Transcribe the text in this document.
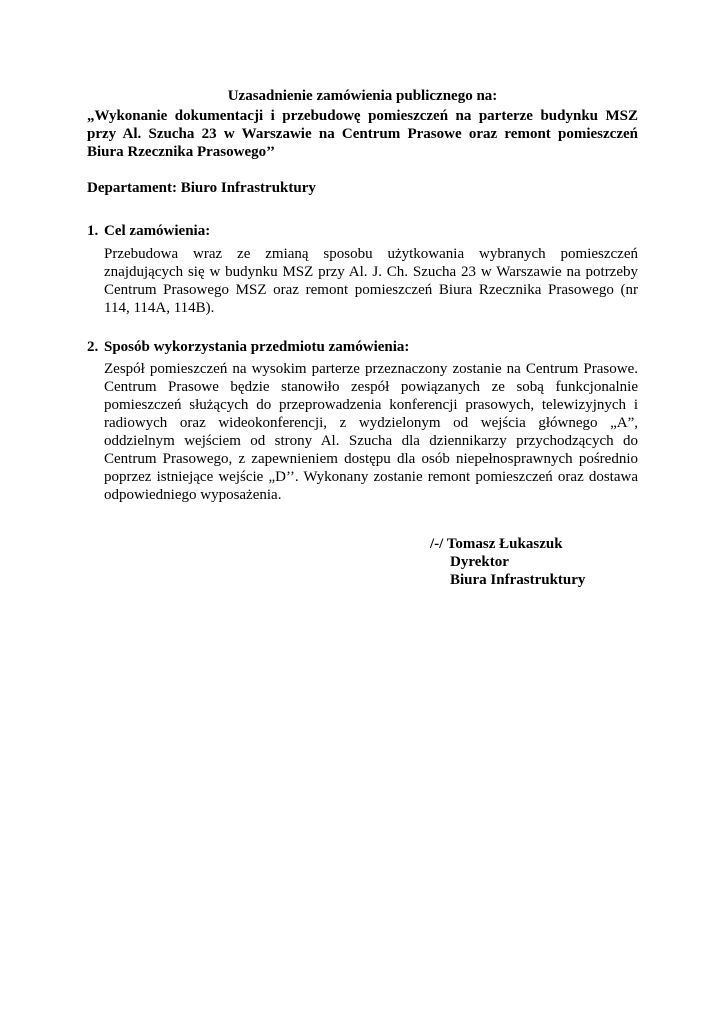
Uzasadnienie zamówienia publicznego na:
„Wykonanie dokumentacji i przebudowę pomieszczeń na parterze budynku MSZ przy Al. Szucha 23 w Warszawie na Centrum Prasowe oraz remont pomieszczeń Biura Rzecznika Prasowego’’
Departament: Biuro Infrastruktury
1. Cel zamówienia:
Przebudowa wraz ze zmianą sposobu użytkowania wybranych pomieszczeń znajdujących się w budynku MSZ przy Al. J. Ch. Szucha 23 w Warszawie na potrzeby Centrum Prasowego MSZ oraz remont pomieszczeń Biura Rzecznika Prasowego (nr 114, 114A, 114B).
2. Sposób wykorzystania przedmiotu zamówienia:
Zespół pomieszczeń na wysokim parterze przeznaczony zostanie na Centrum Prasowe. Centrum Prasowe będzie stanowiło zespół powiązanych ze sobą funkcjonalnie pomieszczeń służących do przeprowadzenia konferencji prasowych, telewizyjnych i radiowych oraz wideokonferencji, z wydzielonym od wejścia głównego „A”, oddzielnym wejściem od strony Al. Szucha dla dziennikarzy przychodzących do Centrum Prasowego, z zapewnieniem dostępu dla osób niepełnosprawnych pośrednio poprzez istniejące wejście „D’’. Wykonany zostanie remont pomieszczeń oraz dostawa odpowiedniego wyposażenia.
/-/ Tomasz Łukaszuk
Dyrektor
Biura Infrastruktury
